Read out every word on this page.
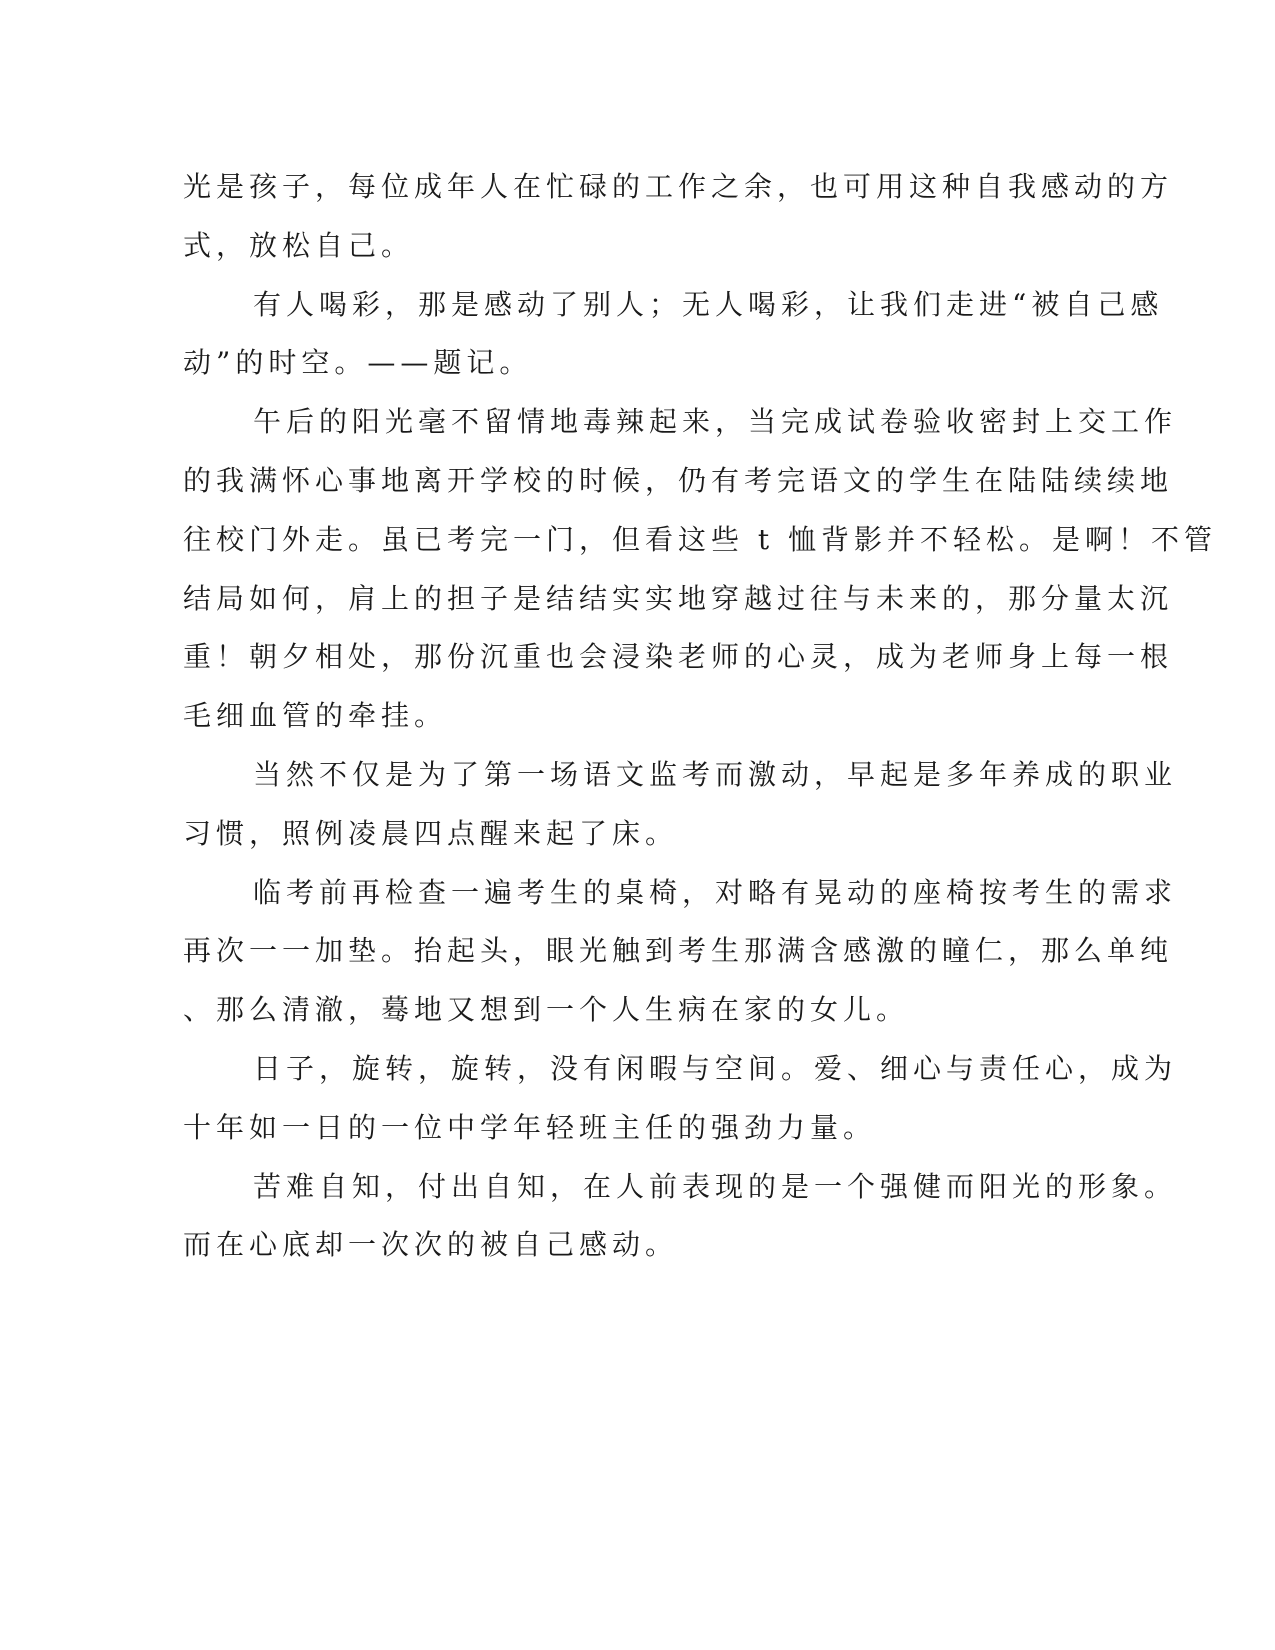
光是孩子，每位成年人在忙碌的工作之余，也可用这种自我感动的方
式，放松自己。
有人喝彩，那是感动了别人；无人喝彩，让我们走进“被自己感
动”的时空。——题记。
午后的阳光毫不留情地毒辣起来，当完成试卷验收密封上交工作
的我满怀心事地离开学校的时候，仍有考完语文的学生在陆陆续续地
往校门外走。虽已考完一门，但看这些 t 恤背影并不轻松。是啊！不管
结局如何，肩上的担子是结结实实地穿越过往与未来的，那分量太沉
重！朝夕相处，那份沉重也会浸染老师的心灵，成为老师身上每一根
毛细血管的牵挂。
当然不仅是为了第一场语文监考而激动，早起是多年养成的职业
习惯，照例凌晨四点醒来起了床。
临考前再检查一遍考生的桌椅，对略有晃动的座椅按考生的需求
再次一一加垫。抬起头，眼光触到考生那满含感激的瞳仁，那么单纯
、那么清澈，蓦地又想到一个人生病在家的女儿。
日子，旋转，旋转，没有闲暇与空间。爱、细心与责任心，成为
十年如一日的一位中学年轻班主任的强劲力量。
苦难自知，付出自知，在人前表现的是一个强健而阳光的形象。
而在心底却一次次的被自己感动。
